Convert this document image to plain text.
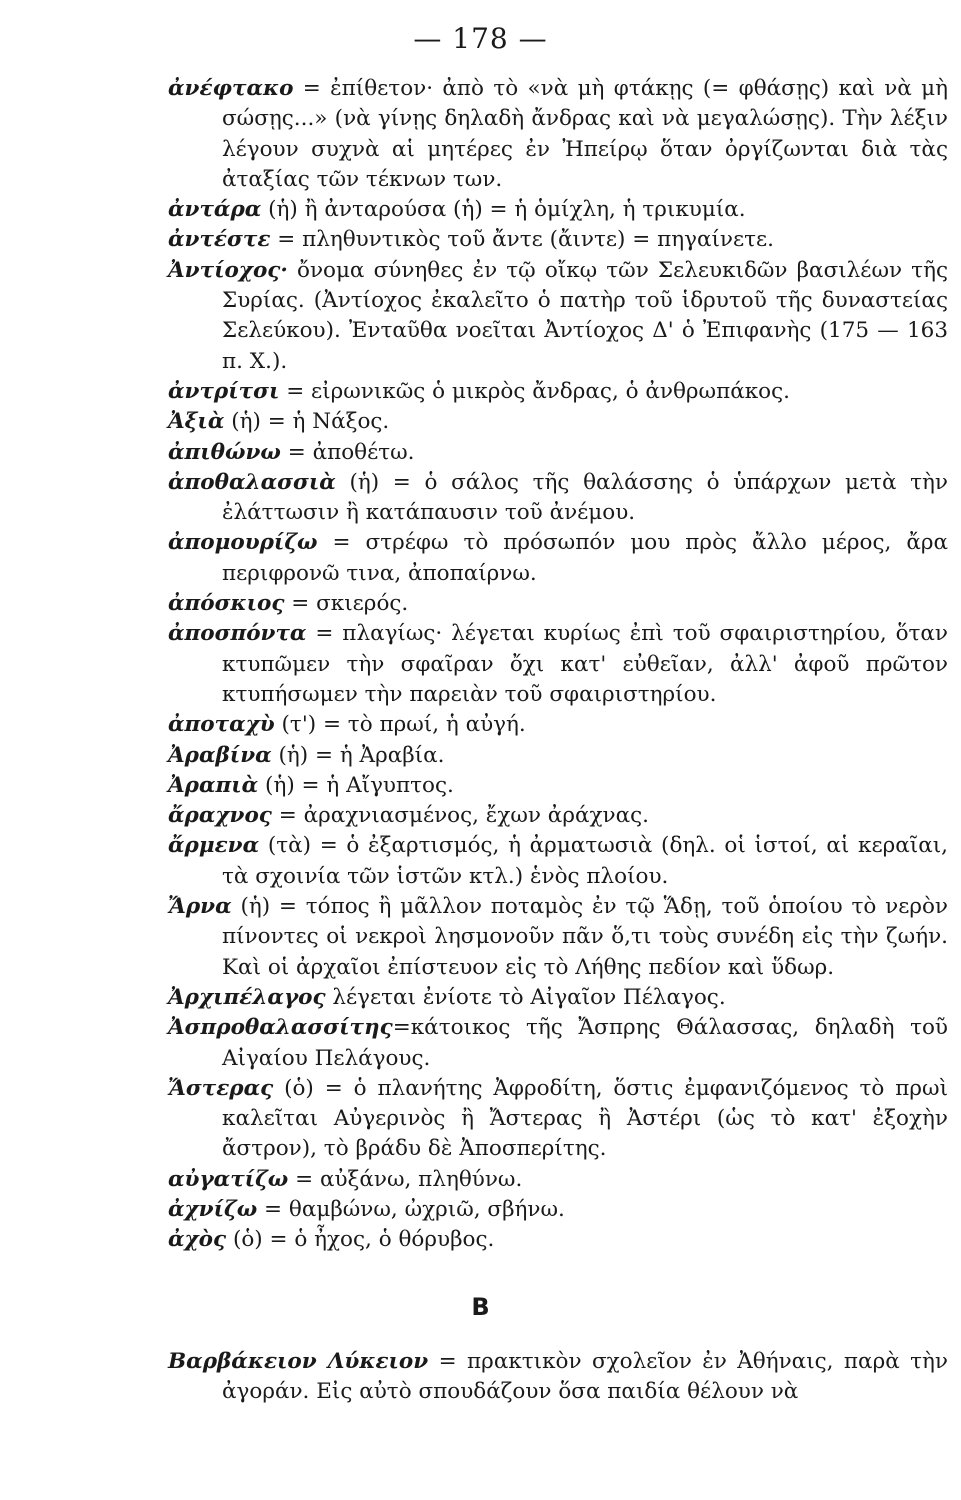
— 178 —
ἀνέφτακο = ἐπίθετον· ἀπὸ τὸ «νὰ μὴ φτάκῃς (= φθάσῃς) καὶ νὰ μὴ σώσῃς...» (νὰ γίνῃς δηλαδὴ ἄνδρας καὶ νὰ μεγαλώσῃς). Τὴν λέξιν λέγουν συχνὰ αἱ μητέρες ἐν Ἠπείρῳ ὅταν ὀργίζωνται διὰ τὰς ἀταξίας τῶν τέκνων των.
ἀντάρα (ἡ) ἢ ἀνταρούσα (ἡ) = ἡ ὁμίχλη, ἡ τρικυμία.
ἀντέστε = πληθυντικὸς τοῦ ἄντε (ἄιντε) = πηγαίνετε.
Ἀντίοχος· ὄνομα σύνηθες ἐν τῷ οἴκῳ τῶν Σελευκιδῶν βασιλέων τῆς Συρίας. (Ἀντίοχος ἐκαλεῖτο ὁ πατὴρ τοῦ ἱδρυτοῦ τῆς δυναστείας Σελεύκου). Ἐνταῦθα νοεῖται Ἀντίοχος Δ' ὁ Ἐπιφανὴς (175 — 163 π. Χ.).
ἀντρίτσι = εἰρωνικῶς ὁ μικρὸς ἄνδρας, ὁ ἀνθρωπάκος.
Ἀξιὰ (ἡ) = ἡ Νάξος.
ἀπιθώνω = ἀποθέτω.
ἀποθαλασσιὰ (ἡ) = ὁ σάλος τῆς θαλάσσης ὁ ὑπάρχων μετὰ τὴν ἐλάττωσιν ἢ κατάπαυσιν τοῦ ἀνέμου.
ἀπομουρίζω = στρέφω τὸ πρόσωπόν μου πρὸς ἄλλο μέρος, ἄρα περιφρονῶ τινα, ἀποπαίρνω.
ἀπόσκιος = σκιερός.
ἀποσπόντα = πλαγίως· λέγεται κυρίως ἐπὶ τοῦ σφαιριστηρίου, ὅταν κτυπῶμεν τὴν σφαῖραν ὄχι κατ' εὐθεῖαν, ἀλλ' ἀφοῦ πρῶτον κτυπήσωμεν τὴν παρειὰν τοῦ σφαιριστηρίου.
ἀποταχὺ (τ') = τὸ πρωί, ἡ αὐγή.
Ἀραβίνα (ἡ) = ἡ Ἀραβία.
Ἀραπιὰ (ἡ) = ἡ Αἴγυπτος.
ἄραχνος = ἀραχνιασμένος, ἔχων ἀράχνας.
ἄρμενα (τὰ) = ὁ ἐξαρτισμός, ἡ ἀρματωσιὰ (δηλ. οἱ ἱστοί, αἱ κεραῖαι, τὰ σχοινία τῶν ἱστῶν κτλ.) ἑνὸς πλοίου.
Ἄρνα (ἡ) = τόπος ἢ μᾶλλον ποταμὸς ἐν τῷ Ἅδῃ, τοῦ ὁποίου τὸ νερὸν πίνοντες οἱ νεκροὶ λησμονοῦν πᾶν ὅ,τι τοὺς συνέδη εἰς τὴν ζωήν. Καὶ οἱ ἀρχαῖοι ἐπίστευον εἰς τὸ Λήθης πεδίον καὶ ὕδωρ.
Ἀρχιπέλαγος λέγεται ἐνίοτε τὸ Αἰγαῖον Πέλαγος.
Ἀσπροθαλασσίτης=κάτοικος τῆς Ἄσπρης Θάλασσας, δηλαδὴ τοῦ Αἰγαίου Πελάγους.
Ἄστερας (ὁ) = ὁ πλανήτης Ἀφροδίτη, ὅστις ἐμφανιζόμενος τὸ πρωὶ καλεῖται Αὐγερινὸς ἢ Ἄστερας ἢ Ἀστέρι (ὡς τὸ κατ' ἐξοχὴν ἄστρον), τὸ βράδυ δὲ Ἀποσπερίτης.
αὐγατίζω = αὐξάνω, πληθύνω.
ἀχνίζω = θαμβώνω, ὠχριῶ, σβήνω.
ἀχὸς (ὁ) = ὁ ἦχος, ὁ θόρυβος.
B
Βαρβάκειον Λύκειον = πρακτικὸν σχολεῖον ἐν Ἀθήναις, παρὰ τὴν ἀγοράν. Εἰς αὐτὸ σπουδάζουν ὅσα παιδία θέλουν νὰ
